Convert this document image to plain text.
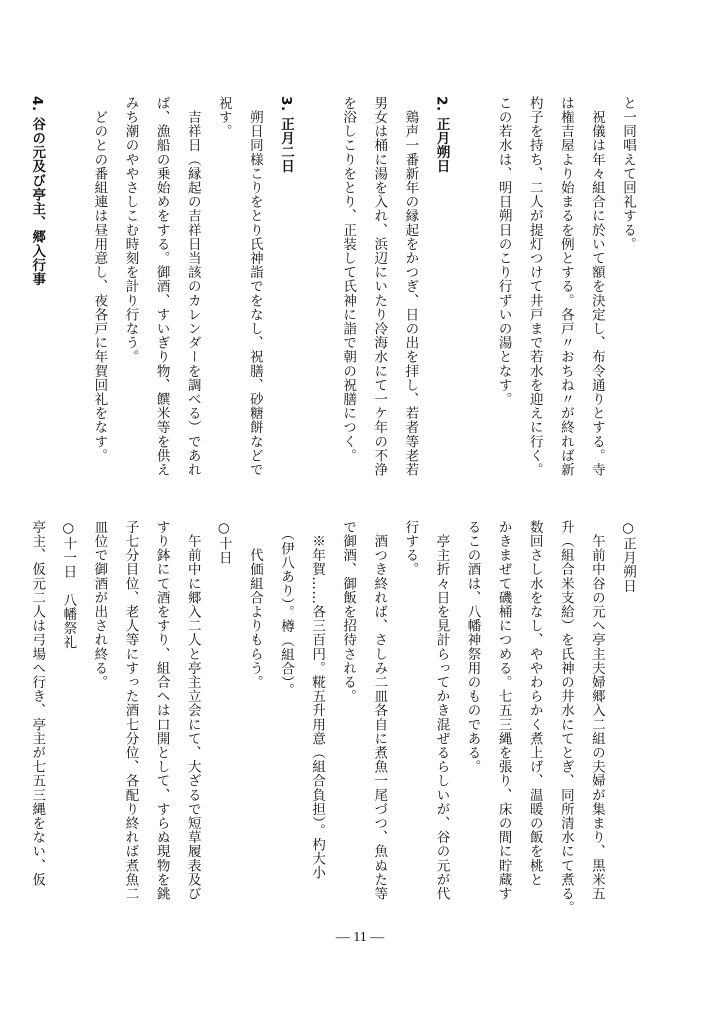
と一同唱えて回礼する。
　祝儀は年々組合に於いて額を決定し、布令通りとする。寺
は権吉屋より始まるを例とする。各戸〃おちね〃が終れば新
杓子を持ち、二人が提灯つけて井戸まで若水を迎えに行く。
この若水は、明日朔日のこり行ずいの湯となす。
2. 正月朔日
　鶏声一番新年の縁起をかつぎ、日の出を拝し、若者等老若
男女は桶に湯を入れ、浜辺にいたり冷海水にて一ケ年の不浄
を浴しこりをとり、正装して氏神に詣で朝の祝膳につく。
3. 正月二日
　朔日同様こりをとり氏神詣でをなし、祝膳、砂糖餅などで
祝す。
　吉祥日（縁起の吉祥日当該のカレンダーを調べる）であれ
ば、漁船の乗始めをする。御酒、すいぎり物、饌米等を供え
みち潮のややさしこむ時刻を計り行なう。
　どのとの番組連は昼用意し、夜各戸に年賀回礼をなす。
4. 谷の元及び亭主、郷入行事
○正月朔日
　午前中谷の元へ亭主夫婦郷入二組の夫婦が集まり、黒米五
升（組合米支給）を氏神の井水にてとぎ、同所清水にて煮る。
数回さし水をなし、ややわらかく煮上げ、温暖の飯を桃と
かきまぜて磯桶につめる。七五三縄を張り、床の間に貯蔵す
るこの酒は、八幡神祭用のものである。
　亭主折々日を見計らってかき混ぜるらしいが、谷の元が代
行する。
　酒つき終れば、さしみ二皿各自に煮魚一尾づつ、魚ぬた等
で御酒、御飯を招待される。
　※年賀……各三百円。糀五升用意（組合負担）。杓大小
　（伊八あり）。樽（組合）。
　　代価組合よりもらう。
○十日
　午前中に郷入二人と亭主立会にて、大ざるで短草履表及び
すり鉢にて酒をすり、組合へは口開として、すらぬ現物を銚
子七分目位、老人等にすった酒七分位、各配り終れば煮魚二
皿位で御酒が出され終る。
○十一日　八幡祭礼
亭主、仮元二人は弓場へ行き、亭主が七五三縄をない、仮
— 11 —
